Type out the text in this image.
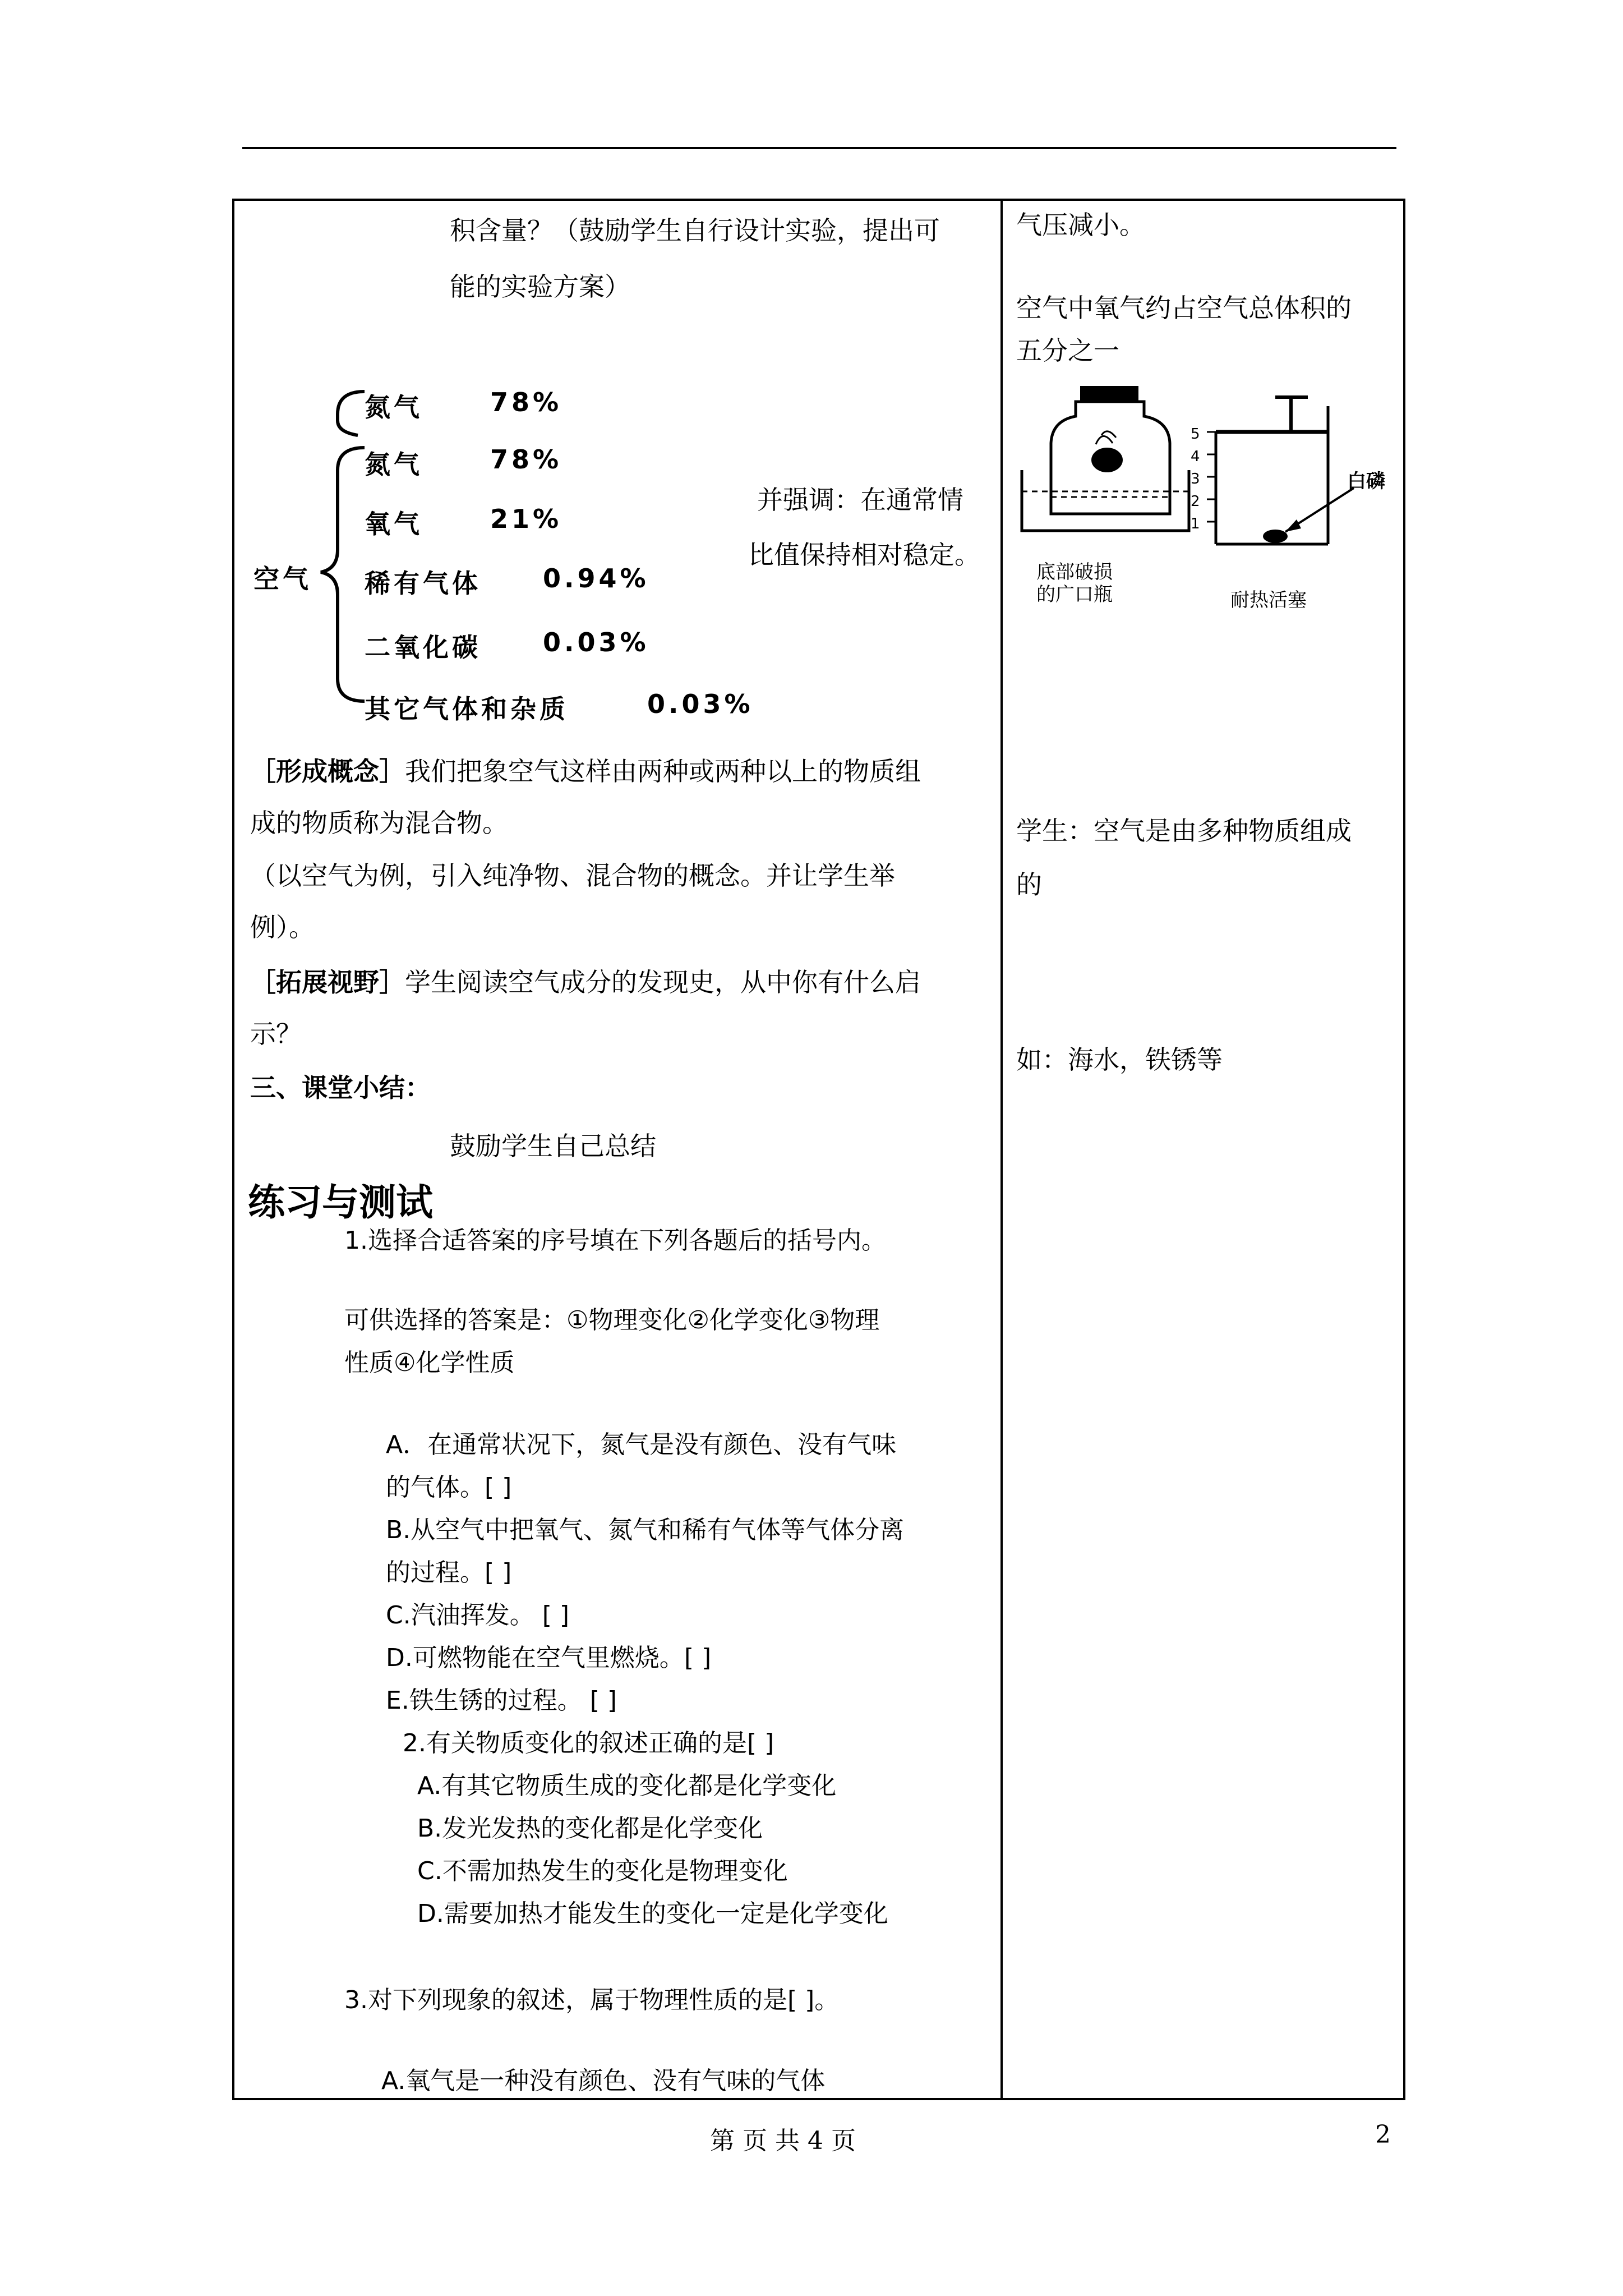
积含量？（鼓励学生自行设计实验，提出可
能的实验方案）
空气
氮气	78%
氮气	78%
氧气	21%
稀有气体 0.94%
二氧化碳 0.03%
其它气体和杂质	0.03%
并强调：在通常情
比值保持相对稳定。
［形成概念］我们把象空气这样由两种或两种以上的物质组
成的物质称为混合物。
（以空气为例，引入纯净物、混合物的概念。并让学生举
例）。
［拓展视野］学生阅读空气成分的发现史，从中你有什么启
示？
三、课堂小结：
鼓励学生自己总结
练习与测试
1.选择合适答案的序号填在下列各题后的括号内。
可供选择的答案是：①物理变化②化学变化③物理
性质④化学性质
A．在通常状况下，氮气是没有颜色、没有气味
的气体。[ ]
B.从空气中把氧气、氮气和稀有气体等气体分离
的过程。[ ]
C.汽油挥发。 [ ]
D.可燃物能在空气里燃烧。[ ]
E.铁生锈的过程。 [ ]
2.有关物质变化的叙述正确的是[ ]
A.有其它物质生成的变化都是化学变化
B.发光发热的变化都是化学变化
C.不需加热发生的变化是物理变化
D.需要加热才能发生的变化一定是化学变化
3.对下列现象的叙述，属于物理性质的是[ ]。
A.氧气是一种没有颜色、没有气味的气体
气压减小。
空气中氧气约占空气总体积的
五分之一
5
4
3
2
1
白磷
底部破损
的广口瓶	耐热活塞
学生：空气是由多种物质组成
的
如：海水，铁锈等
第 页 共 4 页	2
